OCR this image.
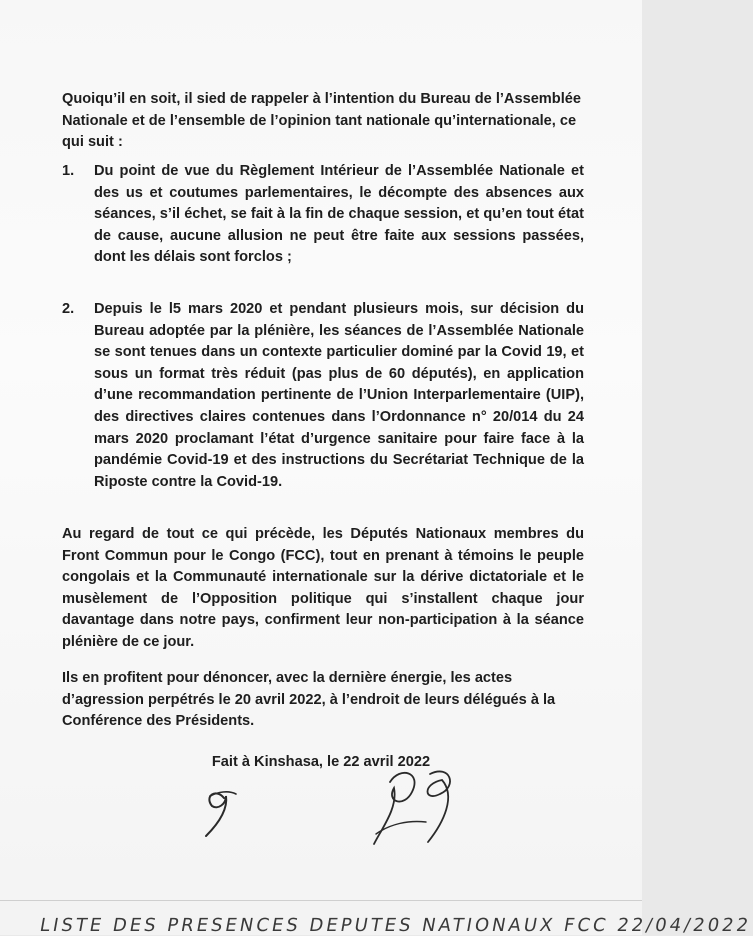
Quoiqu’il en soit, il sied de rappeler à l’intention du Bureau de l’Assemblée Nationale et de l’ensemble de l’opinion tant nationale qu’internationale, ce qui suit :

1. Du point de vue du Règlement Intérieur de l’Assemblée Nationale et des us et coutumes parlementaires, le décompte des absences aux séances, s’il échet, se fait à la fin de chaque session, et qu’en tout état de cause, aucune allusion ne peut être faite aux sessions passées, dont les délais sont forclos ;
2. Depuis le l5 mars 2020 et pendant plusieurs mois, sur décision du Bureau adoptée par la plénière, les séances de l’Assemblée Nationale se sont tenues dans un contexte particulier dominé par la Covid 19, et sous un format très réduit (pas plus de 60 députés), en application d’une recommandation pertinente de l’Union Interparlementaire (UIP), des directives claires contenues dans l’Ordonnance n° 20/014 du 24 mars 2020 proclamant l’état d’urgence sanitaire pour faire face à la pandémie Covid-19 et des instructions du Secrétariat Technique de la Riposte contre la Covid-19.

Au regard de tout ce qui précède, les Députés Nationaux membres du Front Commun pour le Congo (FCC), tout en prenant à témoins le peuple congolais et la Communauté internationale sur la dérive dictatoriale et le musèlement de l’Opposition politique qui s’installent chaque jour davantage dans notre pays, confirment leur non-participation à la séance plénière de ce jour.

Ils en profitent pour dénoncer, avec la dernière énergie, les actes d’agression perpétrés le 20 avril 2022, à l’endroit de leurs délégués à la Conférence des Présidents.

Fait à Kinshasa, le 22 avril 2022
LISTE DES PRESENCES DEPUTES NATIONAUX FCC 22/04/2022
